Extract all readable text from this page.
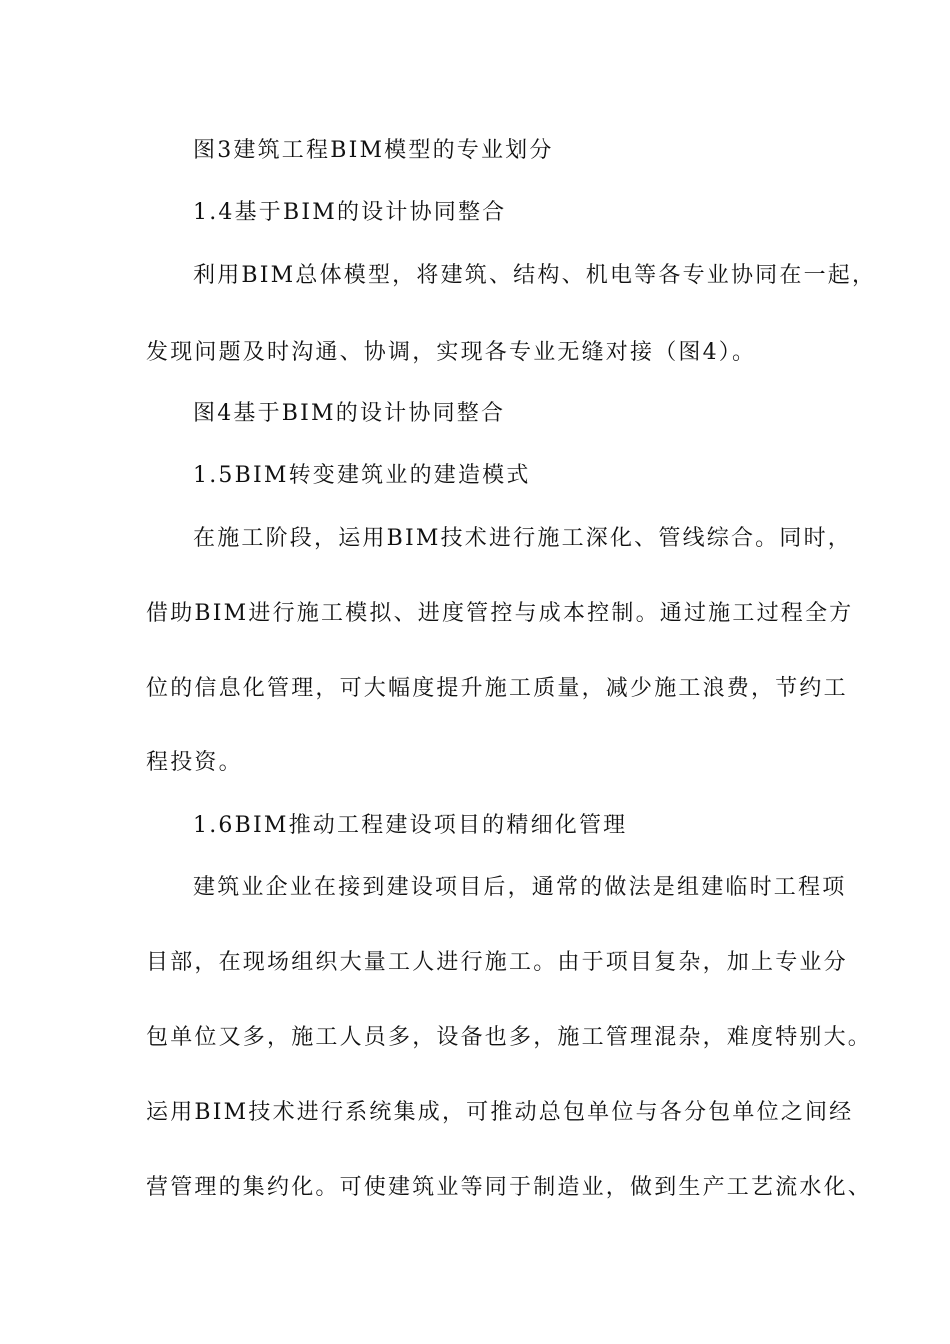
图3建筑工程BIM模型的专业划分
1.4基于BIM的设计协同整合
利用BIM总体模型，将建筑、结构、机电等各专业协同在一起，
发现问题及时沟通、协调，实现各专业无缝对接（图4）。
图4基于BIM的设计协同整合
1.5BIM转变建筑业的建造模式
在施工阶段，运用BIM技术进行施工深化、管线综合。同时，
借助BIM进行施工模拟、进度管控与成本控制。通过施工过程全方
位的信息化管理，可大幅度提升施工质量，减少施工浪费，节约工
程投资。
1.6BIM推动工程建设项目的精细化管理
建筑业企业在接到建设项目后，通常的做法是组建临时工程项
目部，在现场组织大量工人进行施工。由于项目复杂，加上专业分
包单位又多，施工人员多，设备也多，施工管理混杂，难度特别大。
运用BIM技术进行系统集成，可推动总包单位与各分包单位之间经
营管理的集约化。可使建筑业等同于制造业，做到生产工艺流水化、
